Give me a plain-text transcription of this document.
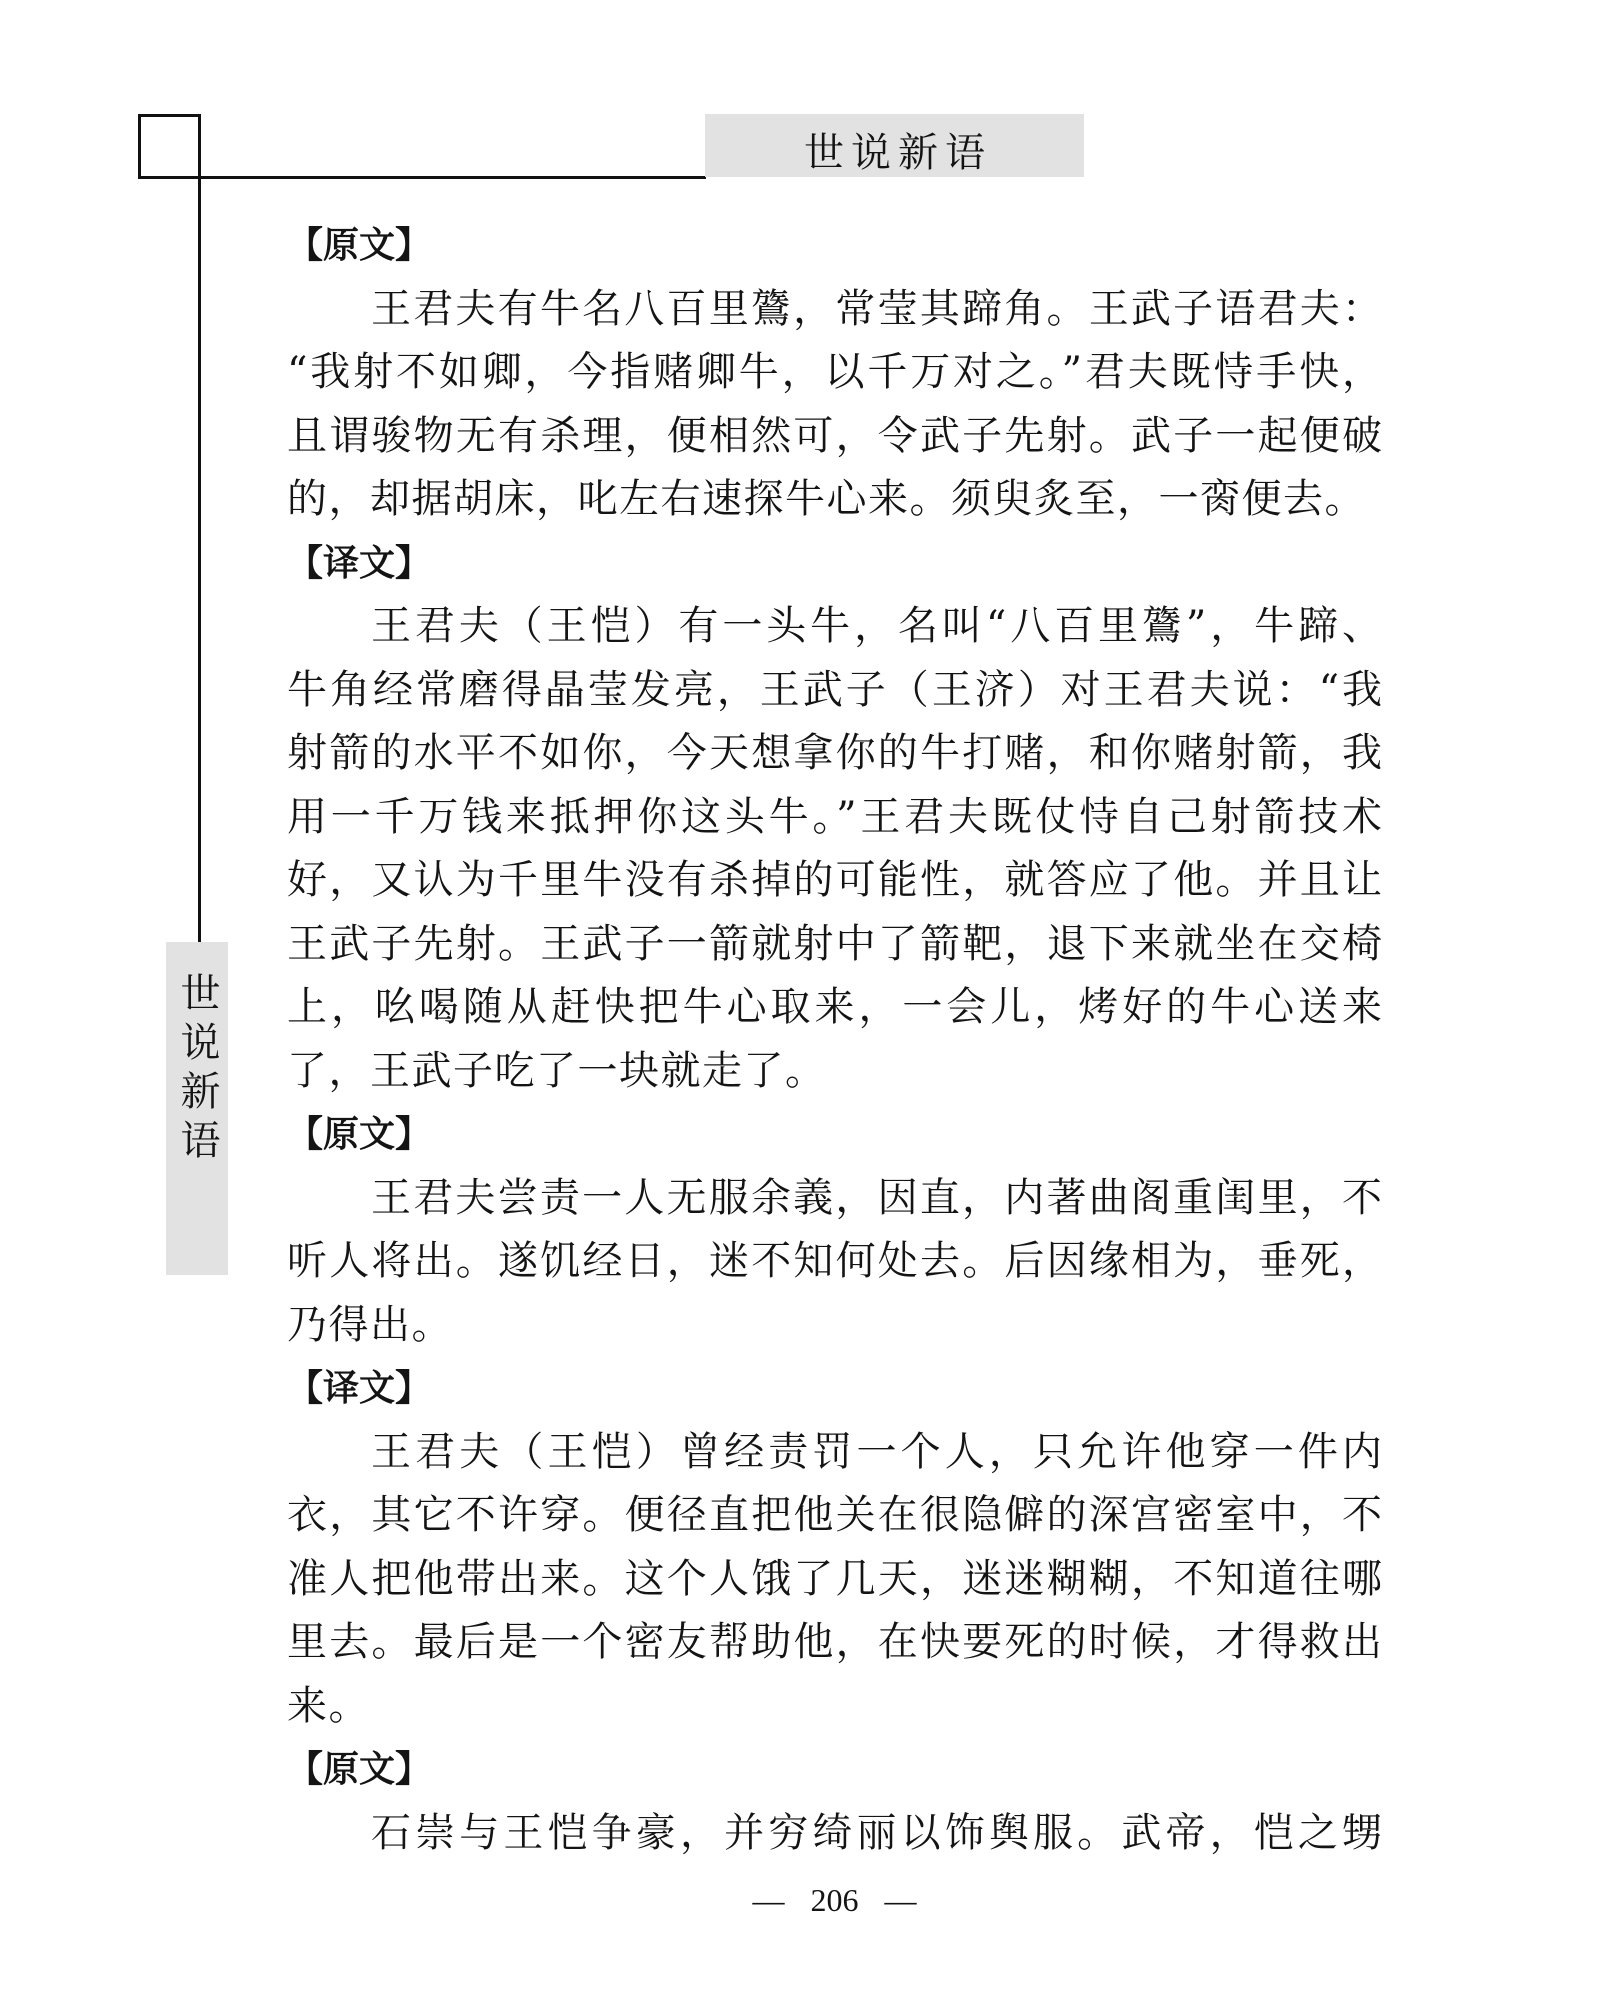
世说新语
世说新语
【原文】
王君夫有牛名八百里鷟，常莹其蹄角。王武子语君夫：
“我射不如卿，今指赌卿牛，以千万对之。”君夫既恃手快，
且谓骏物无有杀理，便相然可，令武子先射。武子一起便破
的，却据胡床，叱左右速探牛心来。须臾炙至，一脔便去。
【译文】
王君夫（王恺）有一头牛，名叫“八百里鷟”，牛蹄、
牛角经常磨得晶莹发亮，王武子（王济）对王君夫说：“我
射箭的水平不如你，今天想拿你的牛打赌，和你赌射箭，我
用一千万钱来抵押你这头牛。”王君夫既仗恃自己射箭技术
好，又认为千里牛没有杀掉的可能性，就答应了他。并且让
王武子先射。王武子一箭就射中了箭靶，退下来就坐在交椅
上，吆喝随从赶快把牛心取来，一会儿，烤好的牛心送来
了，王武子吃了一块就走了。
【原文】
王君夫尝责一人无服余義，因直，内著曲阁重闺里，不
听人将出。遂饥经日，迷不知何处去。后因缘相为，垂死，
乃得出。
【译文】
王君夫（王恺）曾经责罚一个人，只允许他穿一件内
衣，其它不许穿。便径直把他关在很隐僻的深宫密室中，不
准人把他带出来。这个人饿了几天，迷迷糊糊，不知道往哪
里去。最后是一个密友帮助他，在快要死的时候，才得救出
来。
【原文】
石崇与王恺争豪，并穷绮丽以饰舆服。武帝，恺之甥
— 206 —
